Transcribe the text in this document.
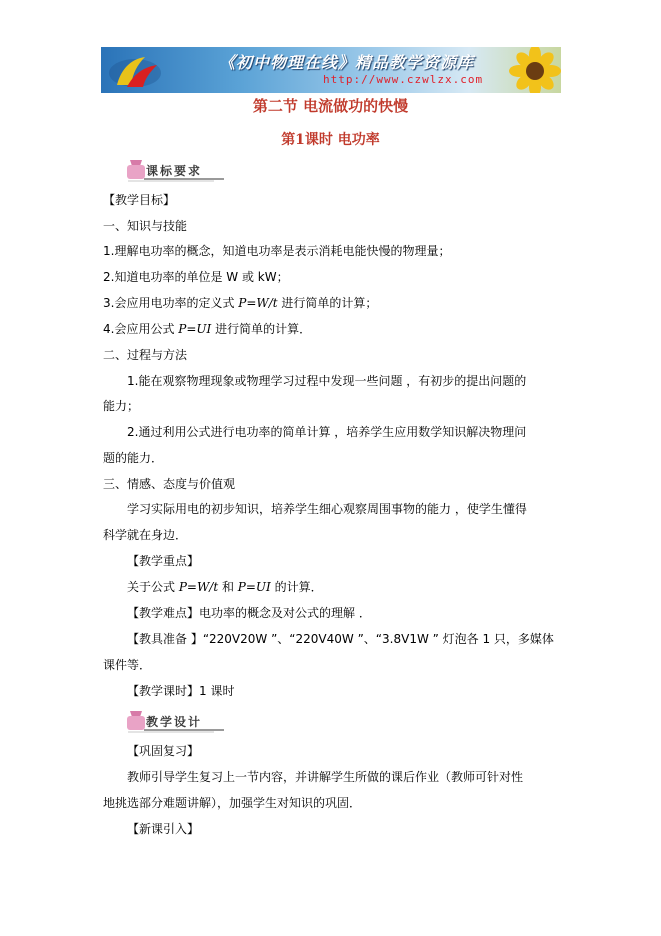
《初中物理在线》精品教学资源库
http://www.czwlzx.com
第二节 电流做功的快慢
第1课时 电功率
课标要求
【教学目标】
一、知识与技能
1.理解电功率的概念，知道电功率是表示消耗电能快慢的物理量；
2.知道电功率的单位是 W 或 kW；
3.会应用电功率的定义式 P=W/t 进行简单的计算；
4.会应用公式 P=UI 进行简单的计算．
二、过程与方法
1.能在观察物理现象或物理学习过程中发现一些问题 ，有初步的提出问题的
能力；
2.通过利用公式进行电功率的简单计算 ，培养学生应用数学知识解决物理问
题的能力．
三、情感、态度与价值观
学习实际用电的初步知识，培养学生细心观察周围事物的能力 ，使学生懂得
科学就在身边．
【教学重点】
关于公式 P=W/t 和 P=UI 的计算．
【教学难点】电功率的概念及对公式的理解 ．
【教具准备 】“220V20W ”、“220V40W ”、“3.8V1W ” 灯泡各 1 只，多媒体
课件等．
【教学课时】1 课时
教学设计
【巩固复习】
教师引导学生复习上一节内容，并讲解学生所做的课后作业（教师可针对性
地挑选部分难题讲解），加强学生对知识的巩固．
【新课引入】
